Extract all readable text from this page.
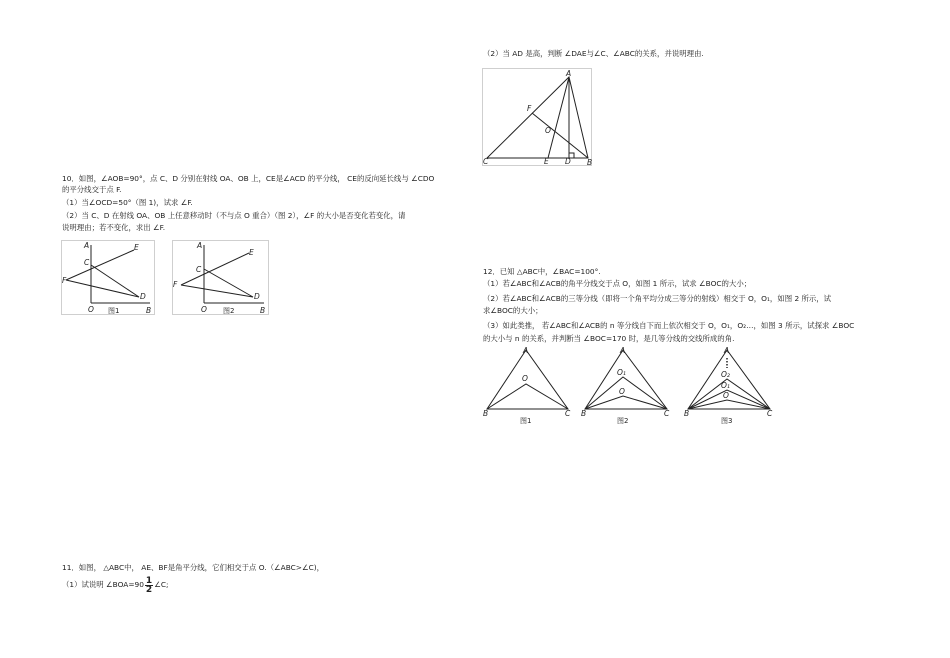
（2）当 AD 是高，判断 ∠DAE与∠C、∠ABC的关系，并说明理由.
A
F
O
C	E D B
10．如图，∠AOB=90°，点 C、D 分别在射线 OA、OB 上，CE是∠ACD 的平分线， CE的反向延长线与 ∠CDO
的平分线交于点 F.
（1）当∠OCD=50°（图 1)，试求 ∠F.
（2）当 C、D 在射线 OA、OB 上任意移动时（不与点 O 重合）（图 2），∠F 的大小是否变化若变化，请
说明理由；若不变化，求出 ∠F.
A
C
E
F
D
O 图1	B
A
C
E
F
D
O 图2	B
12．已知 △ABC中，∠BAC=100°.
（1）若∠ABC和∠ACB的角平分线交于点 O，如图 1 所示，试求 ∠BOC的大小；
（2）若∠ABC和∠ACB的三等分线（即将一个角平均分成三等分的射线）相交于 O，O₁，如图 2 所示，试
求∠BOC的大小；
（3）如此类推， 若∠ABC和∠ACB的 n 等分线自下而上依次相交于 O，O₁，O₂…，如图 3 所示，试探求 ∠BOC
的大小与 n 的关系，并判断当 ∠BOC=170 时，是几等分线的交线所成的角.
A
O
B	C
图1
A
O₁
O
B	C
图2
A
O₂
O₁
O
B	C
图3
11．如图， △ABC中， AE、BF是角平分线，它们相交于点 O.（∠ABC>∠C)，
（1）试说明 ∠BOA=90 $\frac{1}{2}$ ∠C;
